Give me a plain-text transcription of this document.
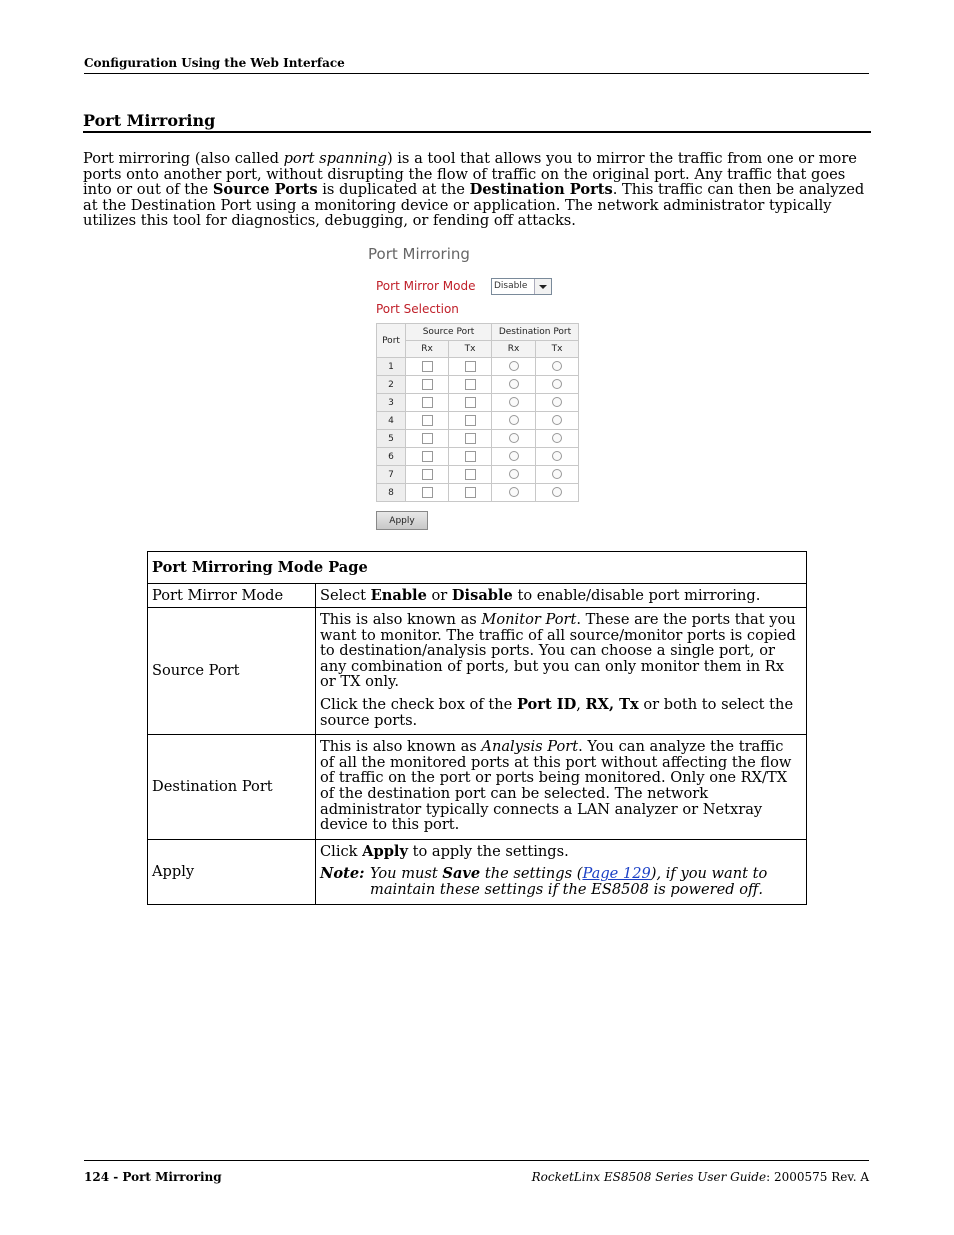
Configuration Using the Web Interface
Port Mirroring
Port mirroring (also called port spanning) is a tool that allows you to mirror the traffic from one or more ports onto another port, without disrupting the flow of traffic on the original port. Any traffic that goes into or out of the Source Ports is duplicated at the Destination Ports. This traffic can then be analyzed at the Destination Port using a monitoring device or application. The network administrator typically utilizes this tool for diagnostics, debugging, or fending off attacks.
Port Mirroring
Port Mirror Mode Disable
Port Selection
Port	Source Port		Destination Port	
	Rx	Tx	Rx	Tx
1				
2				
3				
4				
5				
6				
7				
8				
Apply
Port Mirroring Mode Page	
Port Mirror Mode	Select Enable or Disable to enable/disable port mirroring.
Source Port	This is also known as Monitor Port. These are the ports that you want to monitor. The traffic of all source/monitor ports is copied to destination/analysis ports. You can choose a single port, or any combination of ports, but you can only monitor them in Rx or TX only.

Click the check box of the Port ID, RX, Tx or both to select the source ports.

Destination Port	This is also known as Analysis Port. You can analyze the traffic of all the monitored ports at this port without affecting the flow of traffic on the port or ports being monitored. Only one RX/TX of the destination port can be selected. The network administrator typically connects a LAN analyzer or Netxray device to this port.

Apply	Click Apply to apply the settings.

Note: You must Save the settings (Page 129), if you want to maintain these settings if the ES8508 is powered off.
124 - Port Mirroring	RocketLinx ES8508 Series User Guide: 2000575 Rev. A
